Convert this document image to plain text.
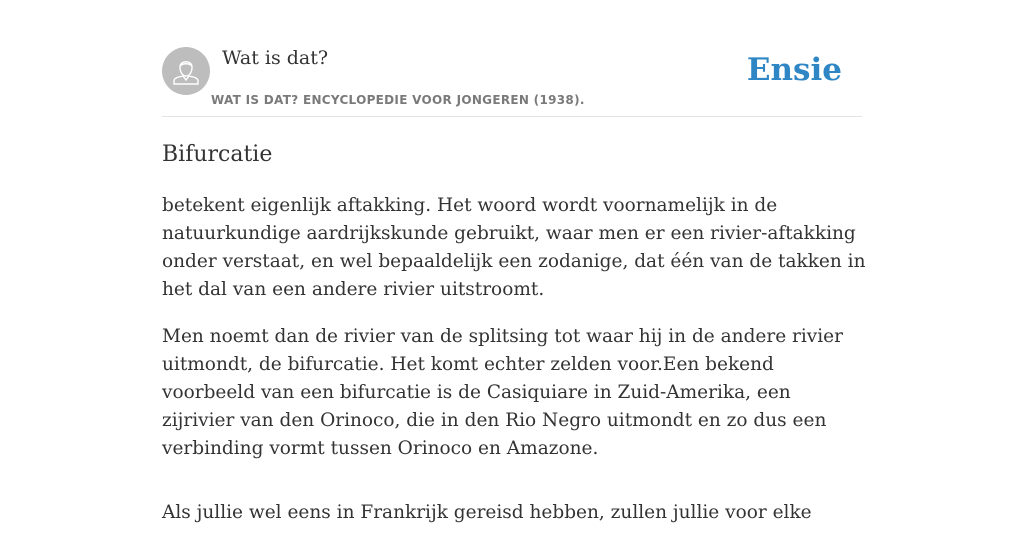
Wat is dat?
WAT IS DAT? ENCYCLOPEDIE VOOR JONGEREN (1938).
Ensie
Bifurcatie

betekent eigenlijk aftakking. Het woord wordt voornamelijk in de natuurkundige aardrijkskunde gebruikt, waar men er een rivier-aftakking onder verstaat, en wel bepaaldelijk een zodanige, dat één van de takken in het dal van een andere rivier uitstroomt.

Men noemt dan de rivier van de splitsing tot waar hij in de andere rivier uitmondt, de bifurcatie. Het komt echter zelden voor.Een bekend voorbeeld van een bifurcatie is de Casiquiare in Zuid-Amerika, een zijrivier van den Orinoco, die in den Rio Negro uitmondt en zo dus een verbinding vormt tussen Orinoco en Amazone.

Als jullie wel eens in Frankrijk gereisd hebben, zullen jullie voor elke
